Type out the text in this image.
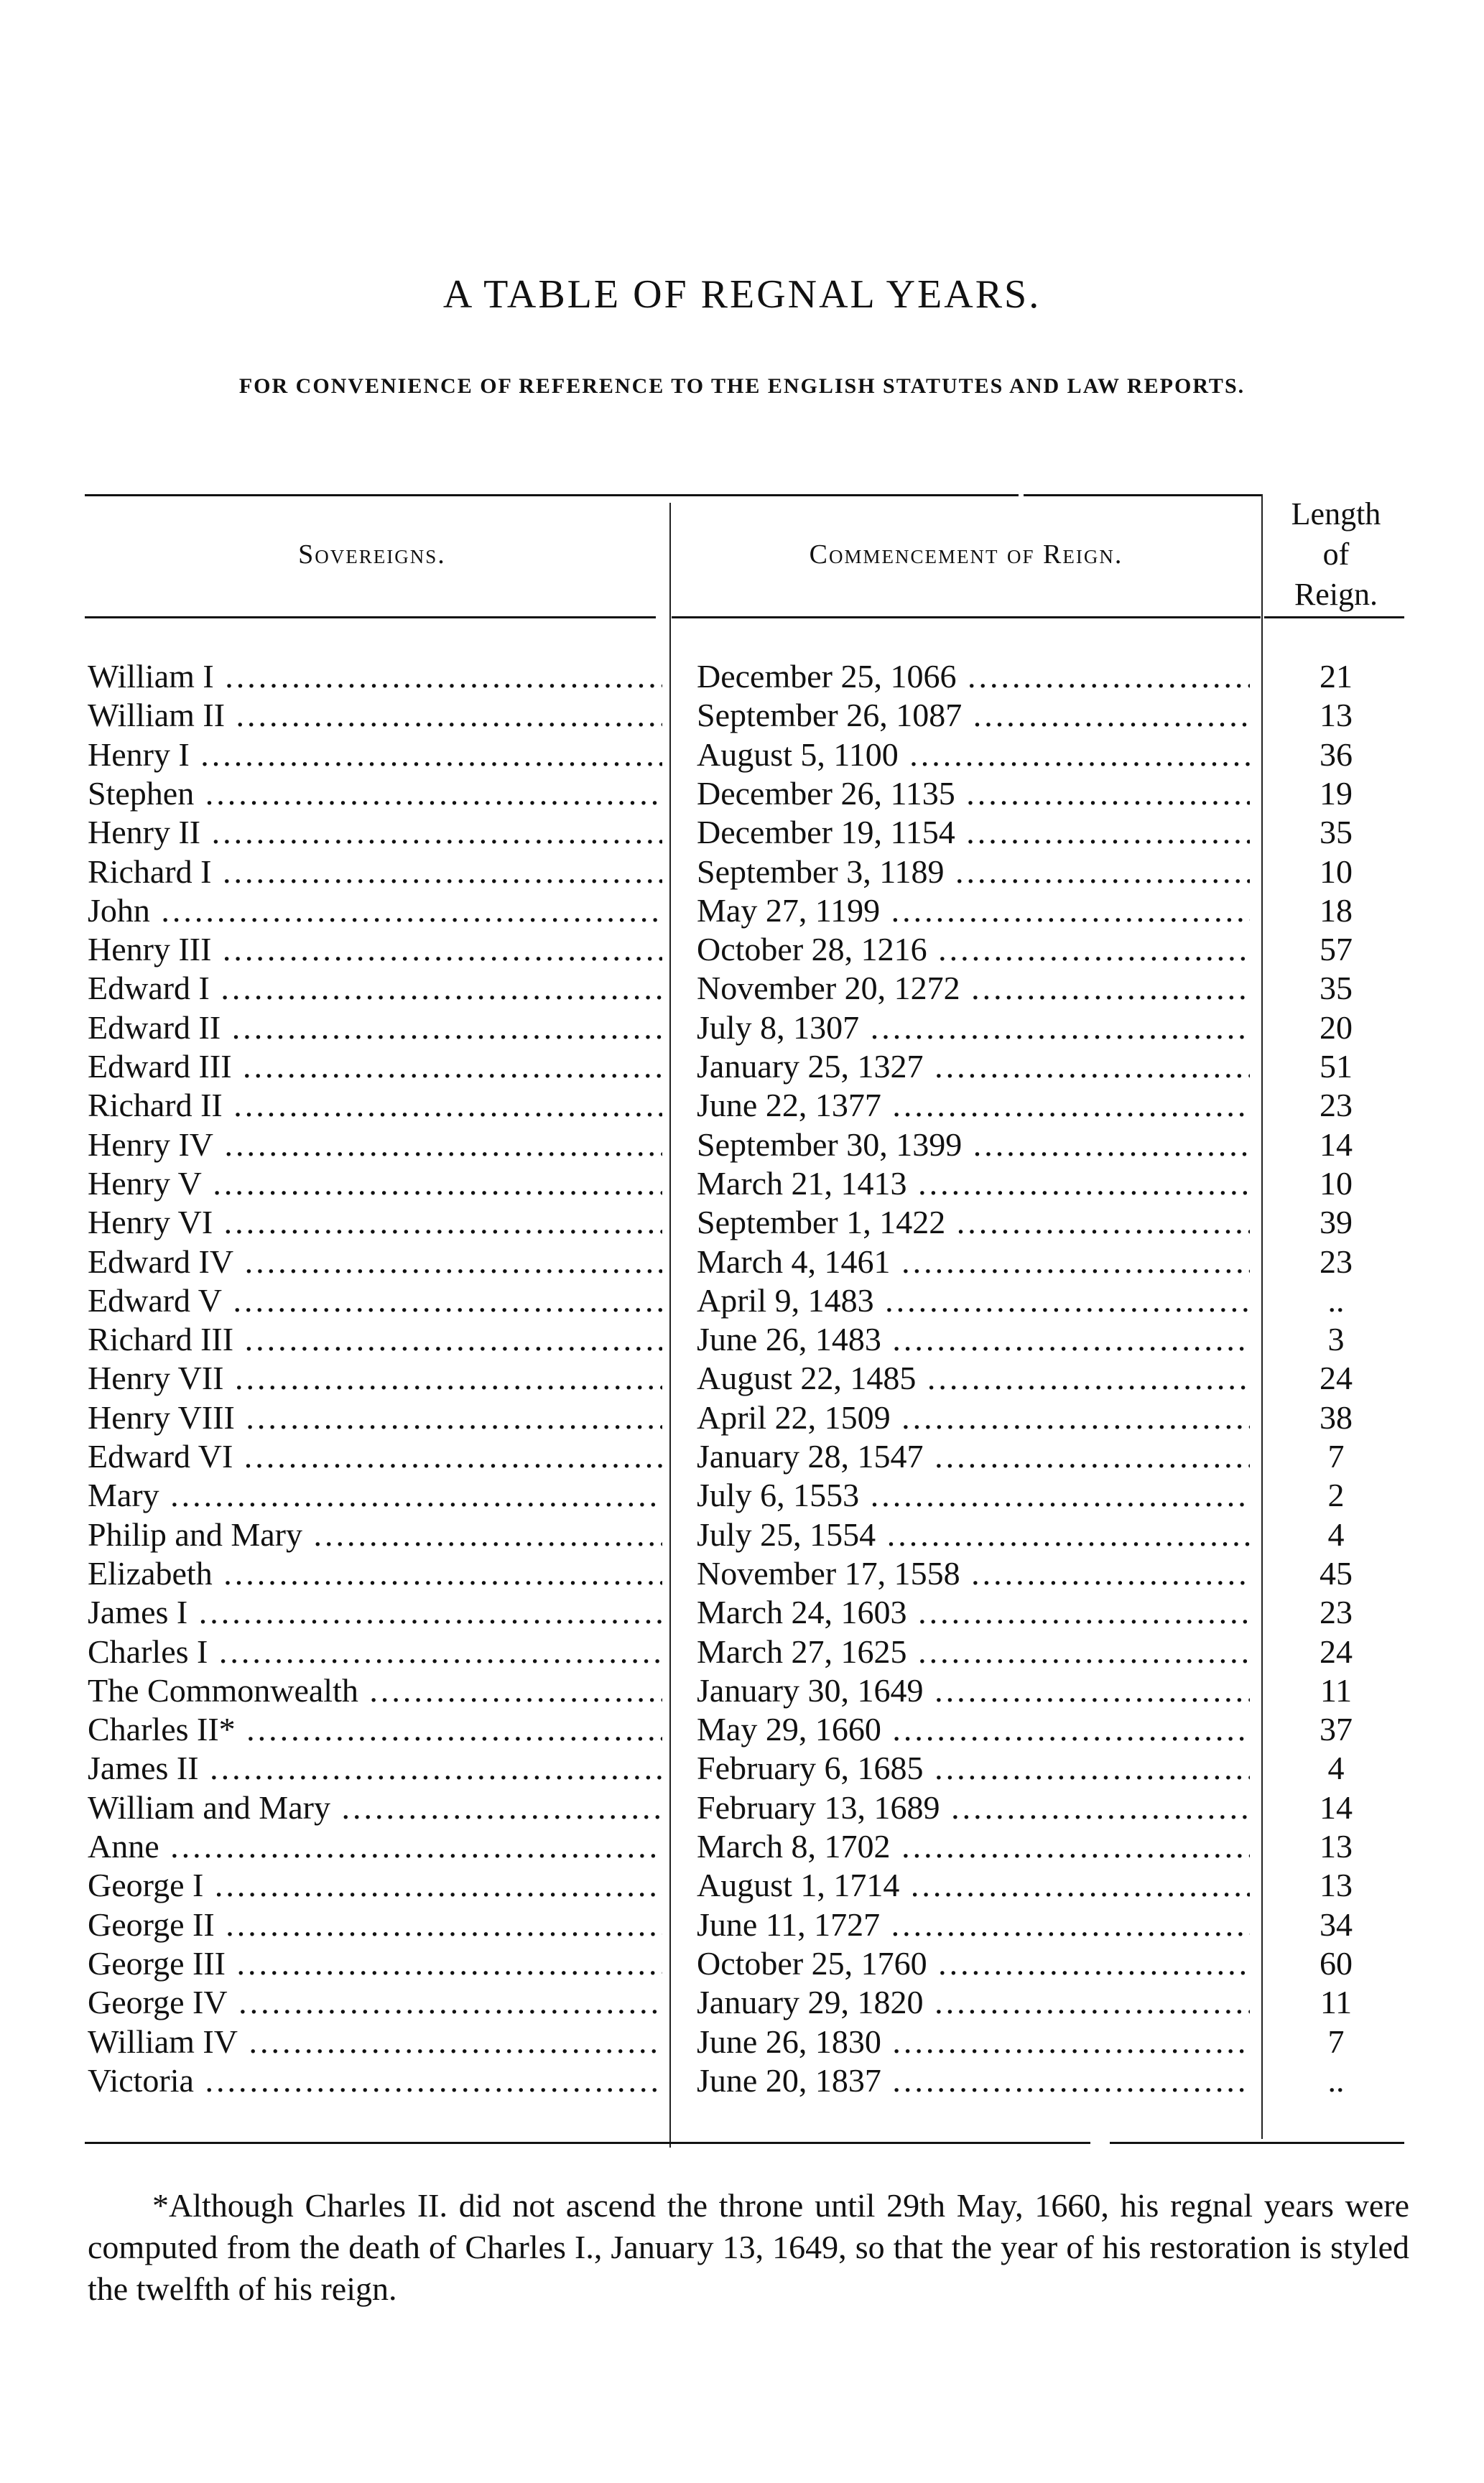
A TABLE OF REGNAL YEARS.
FOR CONVENIENCE OF REFERENCE TO THE ENGLISH STATUTES AND LAW REPORTS.
Sovereigns.	Commencement of Reign.
Length
of
Reign.
William I .....	December 25, 1066 .....	21
William II .....	September 26, 1087 .....	13
Henry I .....	August 5, 1100 .....	36
Stephen .....	December 26, 1135 .....	19
Henry II .....	December 19, 1154 .....	35
Richard I .....	September 3, 1189 .....	10
John .....	May 27, 1199 .....	18
Henry III .....	October 28, 1216 .....	57
Edward I .....	November 20, 1272 .....	35
Edward II .....	July 8, 1307 .....	20
Edward III .....	January 25, 1327 .....	51
Richard II .....	June 22, 1377 .....	23
Henry IV .....	September 30, 1399 .....	14
Henry V .....	March 21, 1413 .....	10
Henry VI .....	September 1, 1422 .....	39
Edward IV .....	March 4, 1461 .....	23
Edward V .....	April 9, 1483 .....	..
Richard III .....	June 26, 1483 .....	3
Henry VII .....	August 22, 1485 .....	24
Henry VIII .....	April 22, 1509 .....	38
Edward VI .....	January 28, 1547 .....	7
Mary .....	July 6, 1553 .....	2
Philip and Mary .....	July 25, 1554 .....	4
Elizabeth .....	November 17, 1558 .....	45
James I .....	March 24, 1603 .....	23
Charles I .....	March 27, 1625 .....	24
The Commonwealth .....	January 30, 1649 .....	11
Charles II* .....	May 29, 1660 .....	37
James II .....	February 6, 1685 .....	4
William and Mary .....	February 13, 1689 .....	14
Anne .....	March 8, 1702 .....	13
George I .....	August 1, 1714 .....	13
George II .....	June 11, 1727 .....	34
George III .....	October 25, 1760 .....	60
George IV .....	January 29, 1820 .....	11
William IV .....	June 26, 1830 .....	7
Victoria .....	June 20, 1837 .....	..
*Although Charles II. did not ascend the throne until 29th May, 1660, his regnal years were computed from the death of Charles I., January 13, 1649, so that the year of his restoration is styled the twelfth of his reign.
